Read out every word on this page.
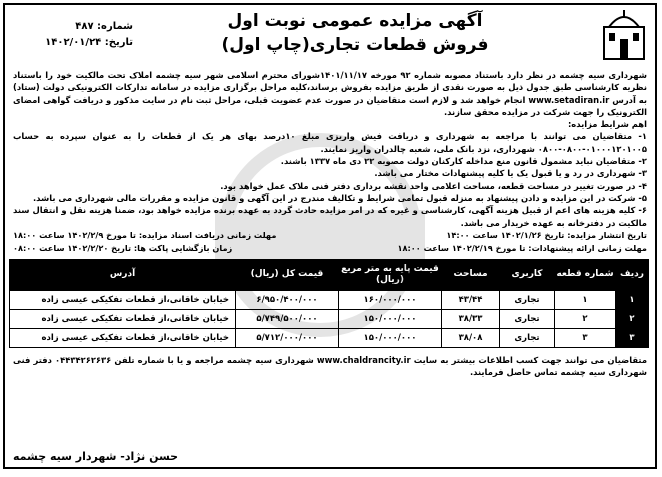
آگهی مزایده عمومی نوبت اول
فروش قطعات تجاری(چاپ اول)
شماره: ۴۸۷
تاریخ: ۱۴۰۲/۰۱/۲۴

شهرداری سیه چشمه در نظر دارد باستناد مصوبه شماره ۹۲ مورخه ۱۴۰۱/۱۱/۱۷شورای محترم اسلامی شهر سیه چشمه املاک تحت مالکیت خود را باستناد نظریه کارشناسی طبق جدول ذیل به صورت نقدی از طریق مزایده بفروش برساند،کلیه مراحل برگزاری مزایده در سامانه تدارکات الکترونیکی دولت (ستاد) به آدرس www.setadiran.ir انجام خواهد شد و لازم است متقاضیان در صورت عدم عضویت قبلی، مراحل ثبت نام در سایت مذکور و دریافت گواهی امضای الکترونیک را جهت شرکت در مزایده محقق سازند.

اهم شرایط مزایده:

۱- متقاضیان می توانند با مراجعه به شهرداری و دریافت فیش واریزی مبلغ ۱۰درصد بهای هر یک از قطعات را به عنوان سپرده به حساب ۰۱۰۰۰۱۲۰۱۰۰۵-۰۸۰۰-۰۸۰۰ شهرداری، نزد بانک ملی، شعبه چالدران واریز نمایند.

۲- متقاضیان نباید مشمول قانون منع مداخله کارکنان دولت مصوبه ۲۲ دی ماه ۱۳۳۷ باشند.

۳- شهرداری در رد و یا قبول یک یا کلیه پیشنهادات مختار می باشد.

۴- در صورت تغییر در مساحت قطعه، مساحت اعلامی واحد نقشه برداری دفتر فنی ملاک عمل خواهد بود.

۵- شرکت در این مزایده و دادن پیشنهاد به منزله قبول تمامی شرایط و تکالیف مندرج در این آگهی و قانون مزایده و مقررات مالی شهرداری می باشد.

۶- کلیه هزینه های اعم از قبیل هزینه آگهی، کارشناسی و غیره که در امر مزایده حادث گردد به عهده برنده مزایده خواهد بود، ضمنا هزینه نقل و انتقال سند مالکیت در دفترخانه به عهده خریدار می باشد.

تاریخ انتشار مزایده: تاریخ ۱۴۰۲/۱/۲۶ ساعت ۱۴:۰۰
مهلت زمانی دریافت اسناد مزایده: تا مورخ ۱۴۰۲/۲/۹ ساعت ۱۸:۰۰
مهلت زمانی ارائه پیشنهادات: تا مورخ ۱۴۰۲/۲/۱۹ ساعت ۱۸:۰۰
زمان بازگشایی پاکت ها: تاریخ ۱۴۰۲/۲/۲۰ ساعت ۰۸:۰۰
ردیف	شماره قطعه	کاربری	مساحت	قیمت پایه به متر مربع (ریال)	قیمت کل (ریال)	آدرس
۱	۱	تجاری	۴۳/۴۴	۱۶۰/۰۰۰/۰۰۰	۶/۹۵۰/۴۰۰/۰۰۰	خیابان خاقانی،از قطعات تفکیکی عیسی زاده
۲	۲	تجاری	۳۸/۳۳	۱۵۰/۰۰۰/۰۰۰	۵/۷۴۹/۵۰۰/۰۰۰	خیابان خاقانی،از قطعات تفکیکی عیسی زاده
۳	۳	تجاری	۳۸/۰۸	۱۵۰/۰۰۰/۰۰۰	۵/۷۱۲/۰۰۰/۰۰۰	خیابان خاقانی،از قطعات تفکیکی عیسی زاده

متقاضیان می توانند جهت کسب اطلاعات بیشتر به سایت www.chaldrancity.ir شهرداری سیه چشمه مراجعه و یا با شماره تلفن ۰۴۴۳۴۲۶۲۶۳۶ دفتر فنی شهرداری سیه چشمه تماس حاصل فرمایند.

حسن نژاد- شهردار سیه چشمه
